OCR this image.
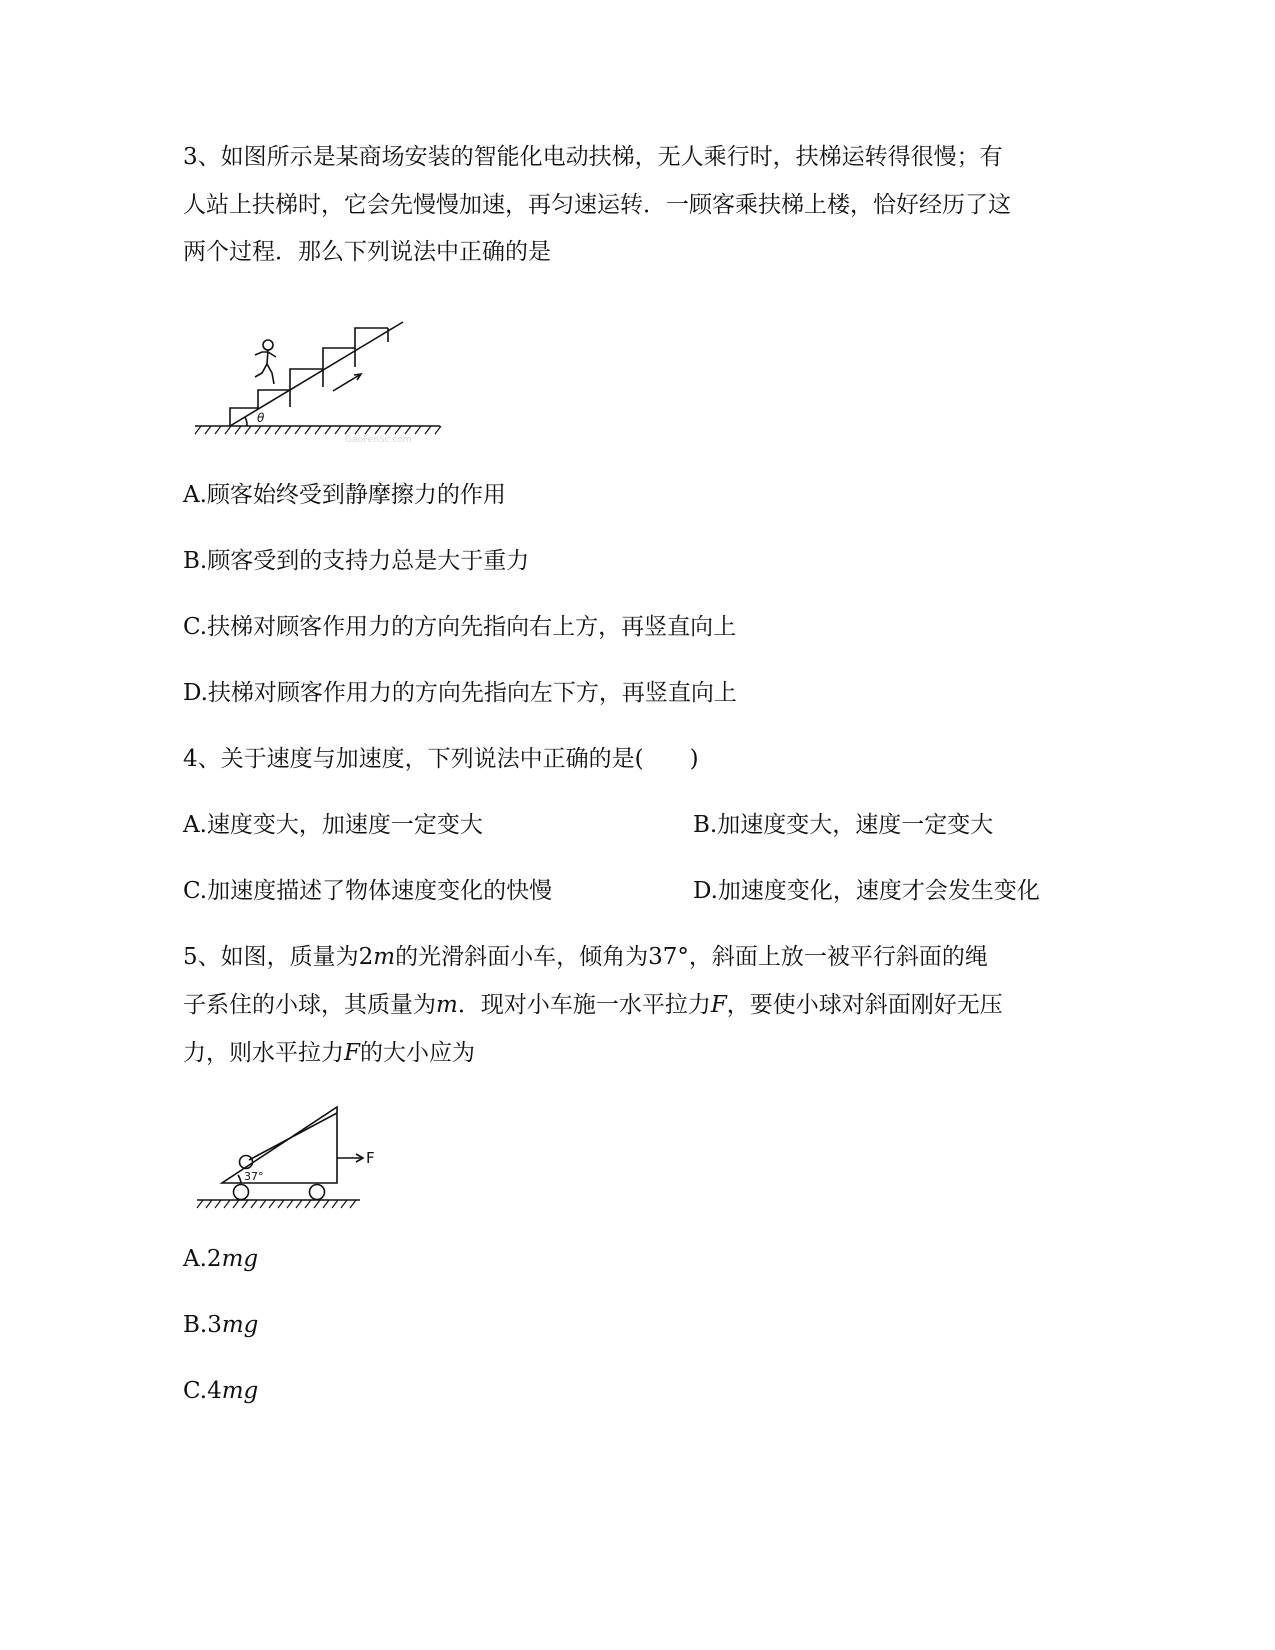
3、如图所示是某商场安装的智能化电动扶梯，无人乘行时，扶梯运转得很慢；有
人站上扶梯时，它会先慢慢加速，再匀速运转．一顾客乘扶梯上楼，恰好经历了这
两个过程．那么下列说法中正确的是
θ
GaoFenSc.com
A.顾客始终受到静摩擦力的作用
B.顾客受到的支持力总是大于重力
C.扶梯对顾客作用力的方向先指向右上方，再竖直向上
D.扶梯对顾客作用力的方向先指向左下方，再竖直向上
4、关于速度与加速度，下列说法中正确的是(　　)
A.速度变大，加速度一定变大	B.加速度变大，速度一定变大
C.加速度描述了物体速度变化的快慢	D.加速度变化，速度才会发生变化
5、如图，质量为2m的光滑斜面小车，倾角为37°，斜面上放一被平行斜面的绳
子系住的小球，其质量为m．现对小车施一水平拉力F，要使小球对斜面刚好无压
力，则水平拉力F的大小应为
37°
F
A.2mg
B.3mg
C.4mg
